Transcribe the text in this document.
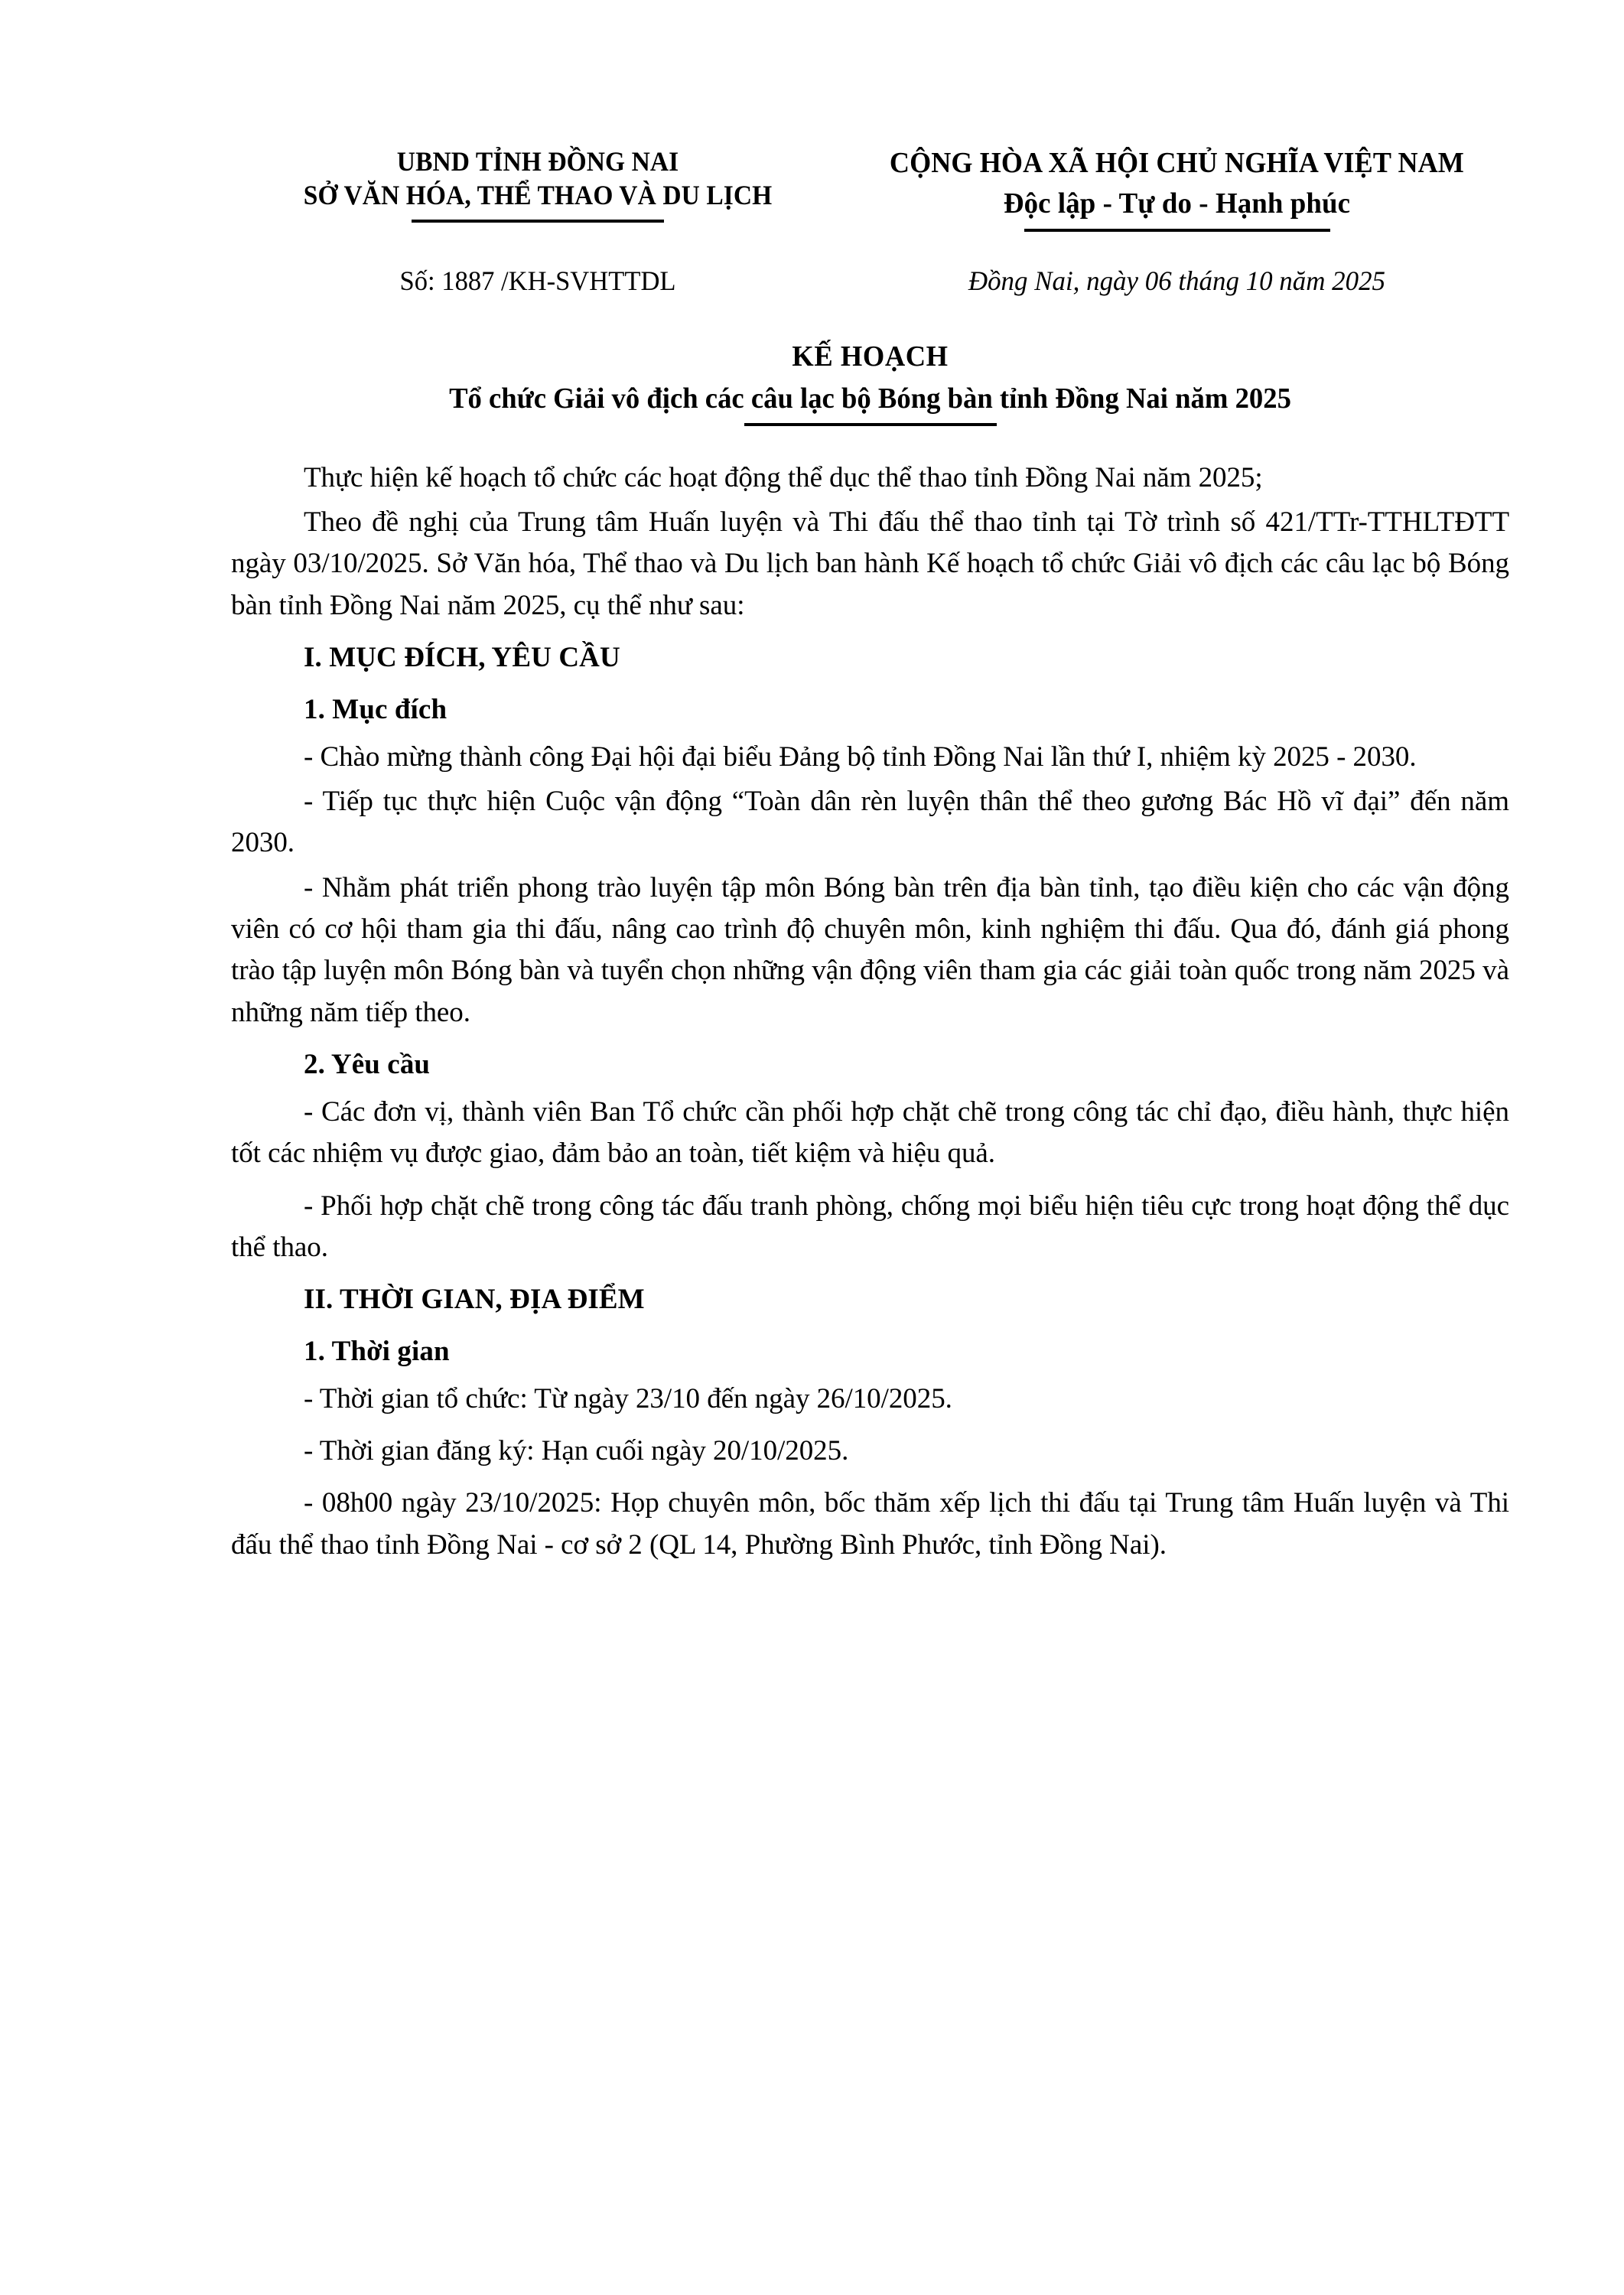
UBND TỈNH ĐỒNG NAI
SỞ VĂN HÓA, THỂ THAO VÀ DU LỊCH
CỘNG HÒA XÃ HỘI CHỦ NGHĨA VIỆT NAM
Độc lập - Tự do - Hạnh phúc
Số: 1887 /KH-SVHTTDL	Đồng Nai, ngày 06 tháng 10 năm 2025
KẾ HOẠCH
Tổ chức Giải vô địch các câu lạc bộ Bóng bàn tỉnh Đồng Nai năm 2025

Thực hiện kế hoạch tổ chức các hoạt động thể dục thể thao tỉnh Đồng Nai năm 2025;

Theo đề nghị của Trung tâm Huấn luyện và Thi đấu thể thao tỉnh tại Tờ trình số 421/TTr-TTHLTĐTT ngày 03/10/2025. Sở Văn hóa, Thể thao và Du lịch ban hành Kế hoạch tổ chức Giải vô địch các câu lạc bộ Bóng bàn tỉnh Đồng Nai năm 2025, cụ thể như sau:

I. MỤC ĐÍCH, YÊU CẦU
1. Mục đích

- Chào mừng thành công Đại hội đại biểu Đảng bộ tỉnh Đồng Nai lần thứ I, nhiệm kỳ 2025 - 2030.

- Tiếp tục thực hiện Cuộc vận động “Toàn dân rèn luyện thân thể theo gương Bác Hồ vĩ đại” đến năm 2030.

- Nhằm phát triển phong trào luyện tập môn Bóng bàn trên địa bàn tỉnh, tạo điều kiện cho các vận động viên có cơ hội tham gia thi đấu, nâng cao trình độ chuyên môn, kinh nghiệm thi đấu. Qua đó, đánh giá phong trào tập luyện môn Bóng bàn và tuyển chọn những vận động viên tham gia các giải toàn quốc trong năm 2025 và những năm tiếp theo.

2. Yêu cầu

- Các đơn vị, thành viên Ban Tổ chức cần phối hợp chặt chẽ trong công tác chỉ đạo, điều hành, thực hiện tốt các nhiệm vụ được giao, đảm bảo an toàn, tiết kiệm và hiệu quả.

- Phối hợp chặt chẽ trong công tác đấu tranh phòng, chống mọi biểu hiện tiêu cực trong hoạt động thể dục thể thao.

II. THỜI GIAN, ĐỊA ĐIỂM
1. Thời gian

- Thời gian tổ chức: Từ ngày 23/10 đến ngày 26/10/2025.

- Thời gian đăng ký: Hạn cuối ngày 20/10/2025.

- 08h00 ngày 23/10/2025: Họp chuyên môn, bốc thăm xếp lịch thi đấu tại Trung tâm Huấn luyện và Thi đấu thể thao tỉnh Đồng Nai - cơ sở 2 (QL 14, Phường Bình Phước, tỉnh Đồng Nai).
